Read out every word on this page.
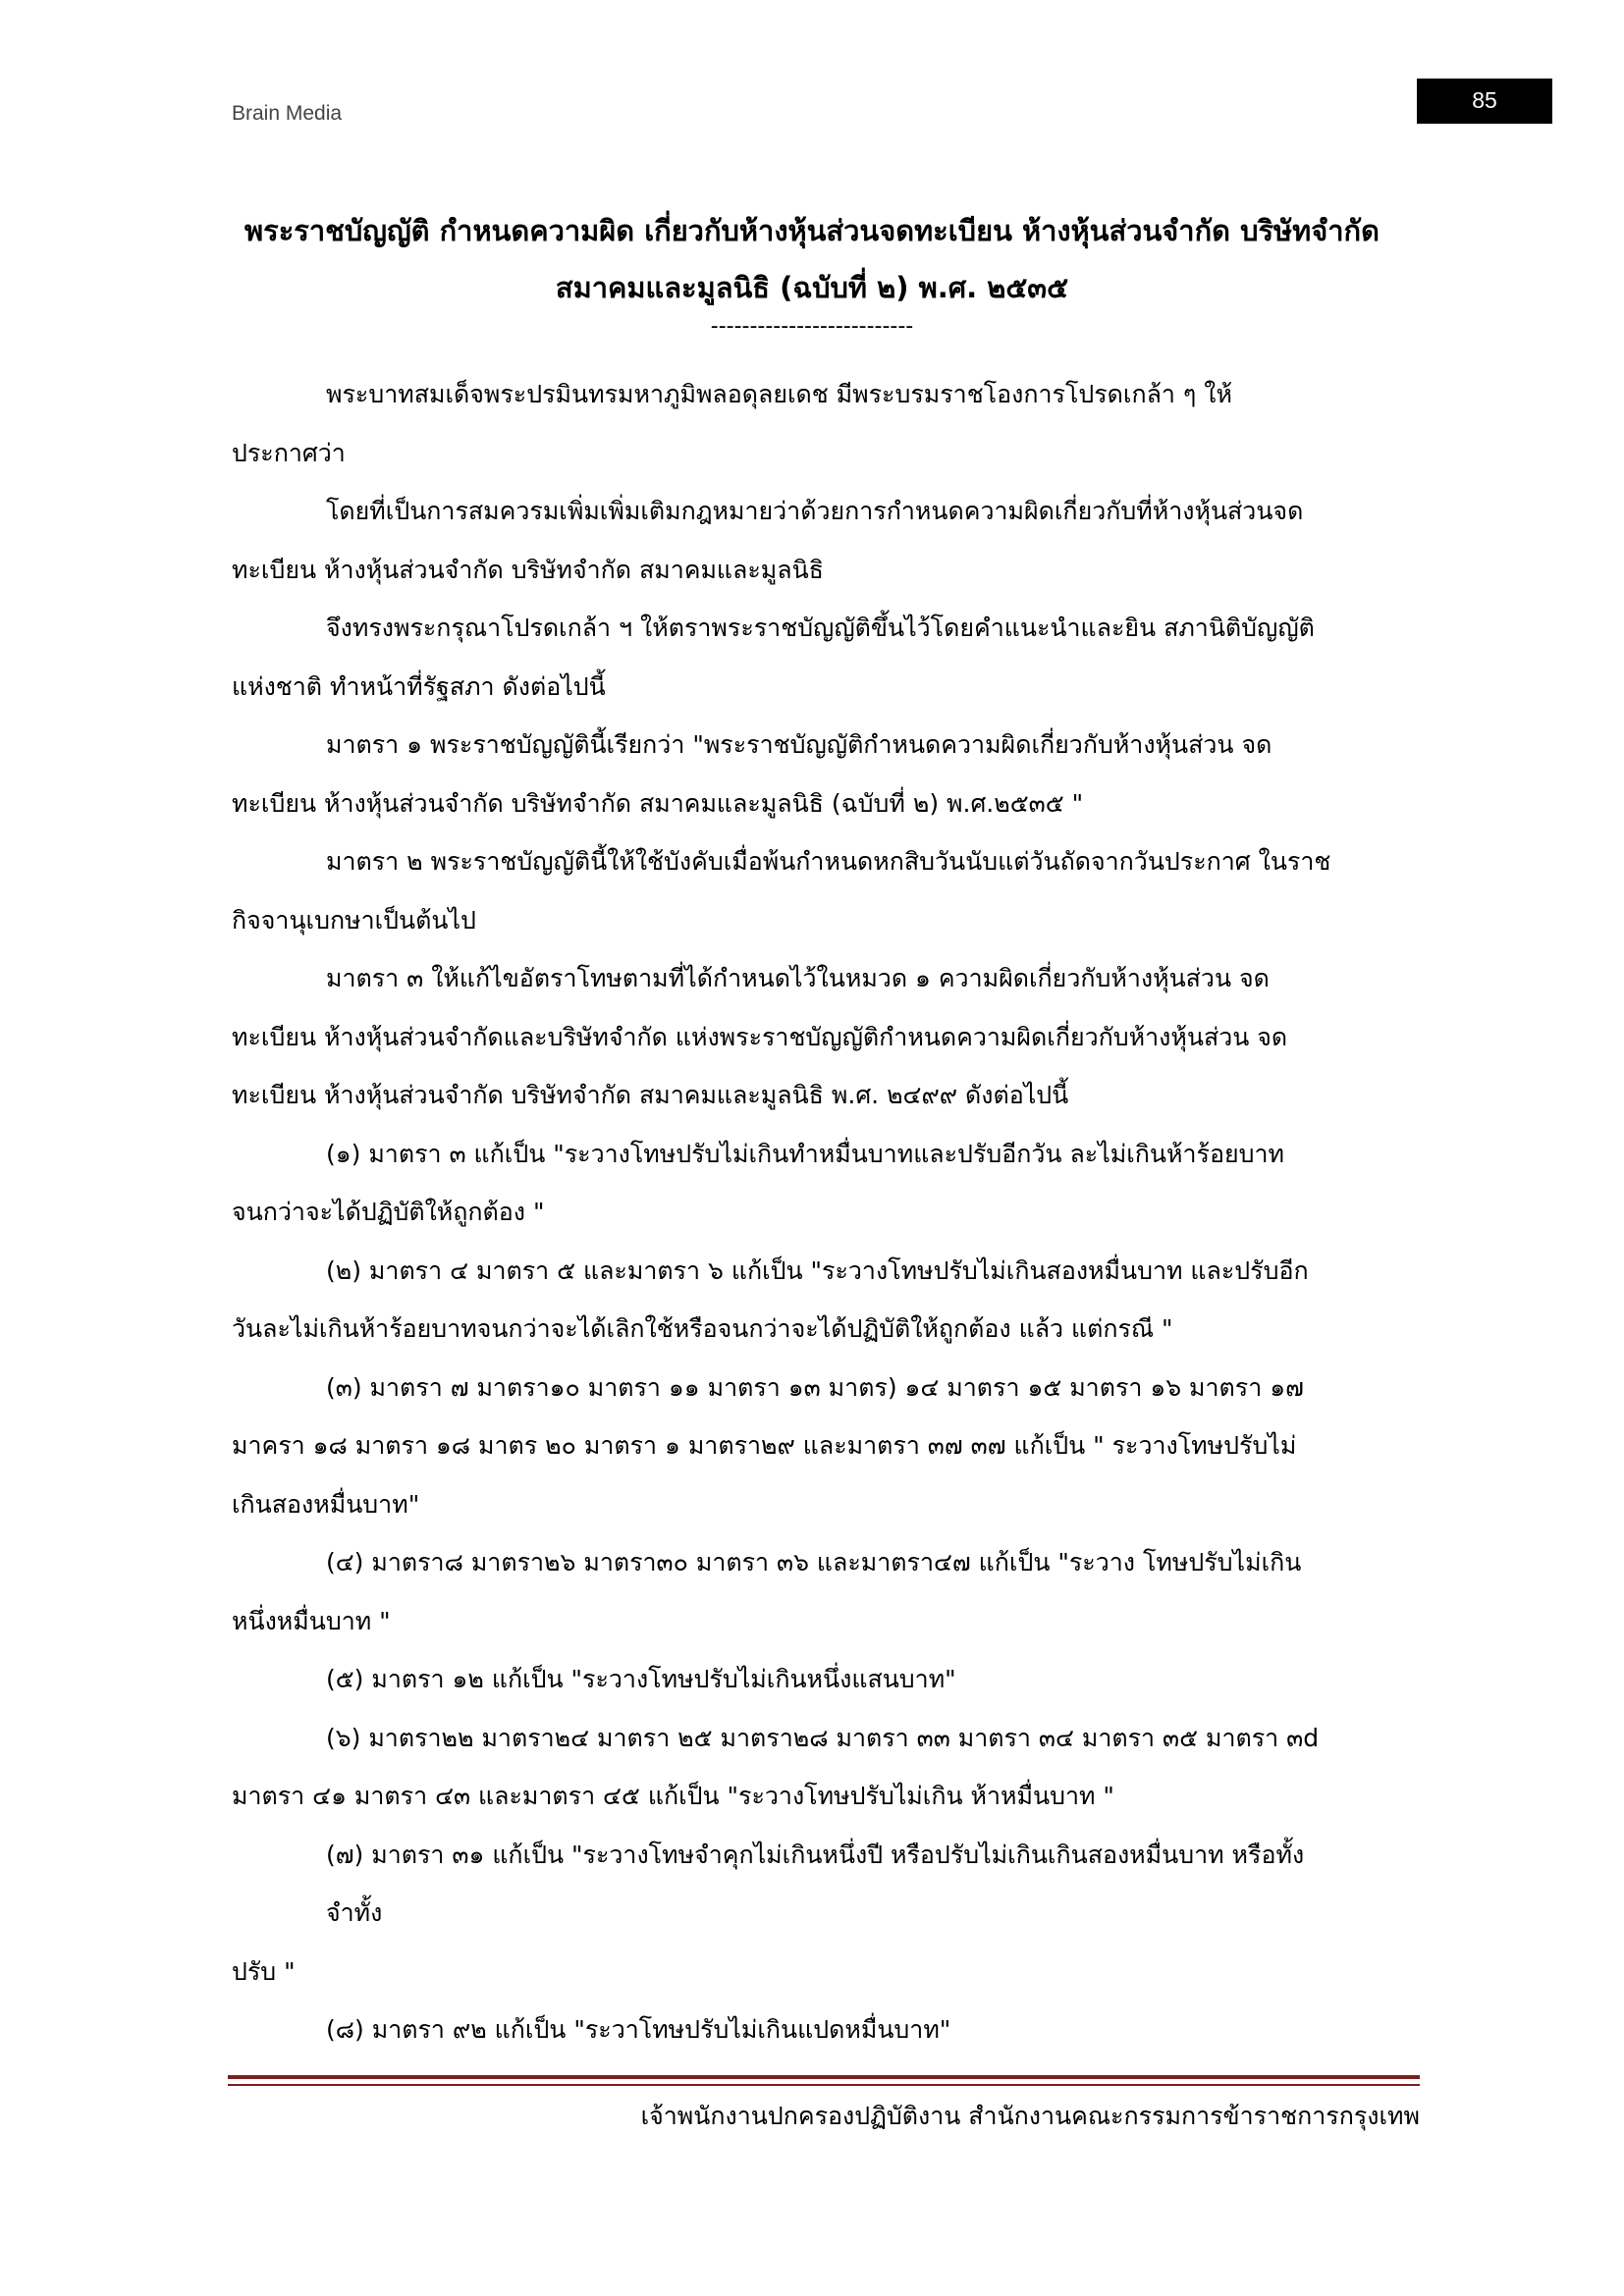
Brain Media
85
พระราชบัญญัติ กำหนดความผิด เกี่ยวกับห้างหุ้นส่วนจดทะเบียน ห้างหุ้นส่วนจำกัด บริษัทจำกัด
สมาคมและมูลนิธิ (ฉบับที่ ๒) พ.ศ. ๒๕๓๕
--------------------------
พระบาทสมเด็จพระปรมินทรมหาภูมิพลอดุลยเดช มีพระบรมราชโองการโปรดเกล้า ๆ ให้
ประกาศว่า
โดยที่เป็นการสมควรมเพิ่มเพิ่มเติมกฎหมายว่าด้วยการกำหนดความผิดเกี่ยวกับที่ห้างหุ้นส่วนจด
ทะเบียน ห้างหุ้นส่วนจำกัด บริษัทจำกัด สมาคมและมูลนิธิ
จึงทรงพระกรุณาโปรดเกล้า ฯ ให้ตราพระราชบัญญัติขึ้นไว้โดยคำแนะนำและยิน สภานิติบัญญัติ
แห่งชาติ ทำหน้าที่รัฐสภา ดังต่อไปนี้
มาตรา ๑ พระราชบัญญัตินี้เรียกว่า "พระราชบัญญัติกำหนดความผิดเกี่ยวกับห้างหุ้นส่วน จด
ทะเบียน ห้างหุ้นส่วนจำกัด บริษัทจำกัด สมาคมและมูลนิธิ (ฉบับที่ ๒) พ.ศ.๒๕๓๕ "
มาตรา ๒ พระราชบัญญัตินี้ให้ใช้บังคับเมื่อพ้นกำหนดหกสิบวันนับแต่วันถัดจากวันประกาศ ในราช
กิจจานุเบกษาเป็นต้นไป
มาตรา ๓ ให้แก้ไขอัตราโทษตามที่ได้กำหนดไว้ในหมวด ๑ ความผิดเกี่ยวกับห้างหุ้นส่วน จด
ทะเบียน ห้างหุ้นส่วนจำกัดและบริษัทจำกัด แห่งพระราชบัญญัติกำหนดความผิดเกี่ยวกับห้างหุ้นส่วน จด
ทะเบียน ห้างหุ้นส่วนจำกัด บริษัทจำกัด สมาคมและมูลนิธิ พ.ศ. ๒๔๙๙ ดังต่อไปนี้
(๑) มาตรา ๓ แก้เป็น "ระวางโทษปรับไม่เกินทำหมื่นบาทและปรับอีกวัน ละไม่เกินห้าร้อยบาท
จนกว่าจะได้ปฏิบัติให้ถูกต้อง "
(๒) มาตรา ๔ มาตรา ๕ และมาตรา ๖ แก้เป็น "ระวางโทษปรับไม่เกินสองหมื่นบาท และปรับอีก
วันละไม่เกินห้าร้อยบาทจนกว่าจะได้เลิกใช้หรือจนกว่าจะได้ปฏิบัติให้ถูกต้อง แล้ว แต่กรณี "
(๓) มาตรา ๗ มาตรา๑๐ มาตรา ๑๑ มาตรา ๑๓ มาตร) ๑๔ มาตรา ๑๕ มาตรา ๑๖ มาตรา ๑๗
มาครา ๑๘ มาตรา ๑๘ มาตร ๒๐ มาตรา ๑ มาตรา๒๙ และมาตรา ๓๗ ๓๗ แก้เป็น " ระวางโทษปรับไม่
เกินสองหมื่นบาท"
(๔) มาตรา๘ มาตรา๒๖ มาตรา๓๐ มาตรา ๓๖ และมาตรา๔๗ แก้เป็น "ระวาง โทษปรับไม่เกิน
หนึ่งหมื่นบาท "
(๕) มาตรา ๑๒ แก้เป็น "ระวางโทษปรับไม่เกินหนึ่งแสนบาท"
(๖) มาตรา๒๒ มาตรา๒๔ มาตรา ๒๕ มาตรา๒๘ มาตรา ๓๓ มาตรา ๓๔ มาตรา ๓๕ มาตรา ๓d
มาตรา ๔๑ มาตรา ๔๓ และมาตรา ๔๕ แก้เป็น "ระวางโทษปรับไม่เกิน ห้าหมื่นบาท "
(๗) มาตรา ๓๑ แก้เป็น "ระวางโทษจำคุกไม่เกินหนึ่งปี หรือปรับไม่เกินเกินสองหมื่นบาท หรือทั้ง
จำทั้ง
ปรับ "
(๘) มาตรา ๙๒ แก้เป็น "ระวาโทษปรับไม่เกินแปดหมื่นบาท"
เจ้าพนักงานปกครองปฏิบัติงาน สำนักงานคณะกรรมการข้าราชการกรุงเทพ
